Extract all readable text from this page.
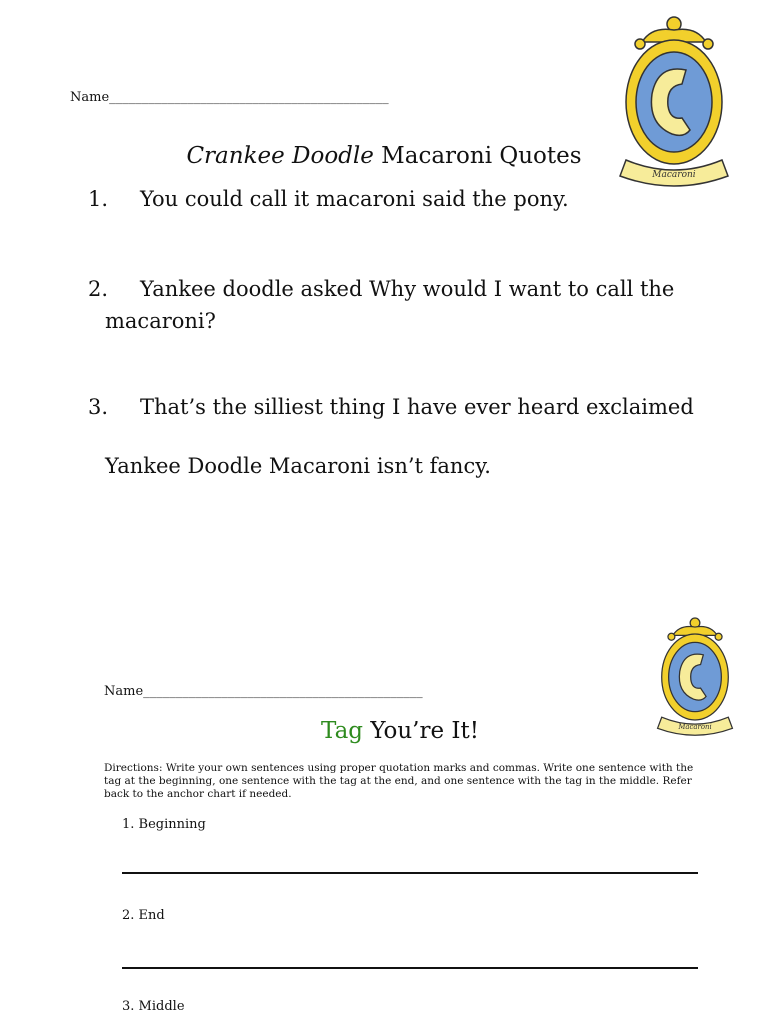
Name___________________________________________
Crankee Doodle Macaroni Quotes
Macaroni
1. You could call it macaroni said the pony.
2. Yankee doodle asked Why would I want to call the
macaroni?
3. That’s the silliest thing I have ever heard exclaimed
Yankee Doodle Macaroni isn’t fancy.
Macaroni
Name___________________________________________
Tag You’re It!
Directions: Write your own sentences using proper quotation marks and commas. Write one sentence with the tag at the beginning, one sentence with the tag at the end, and one sentence with the tag in the middle. Refer back to the anchor chart if needed.
1. Beginning
2. End
3. Middle
